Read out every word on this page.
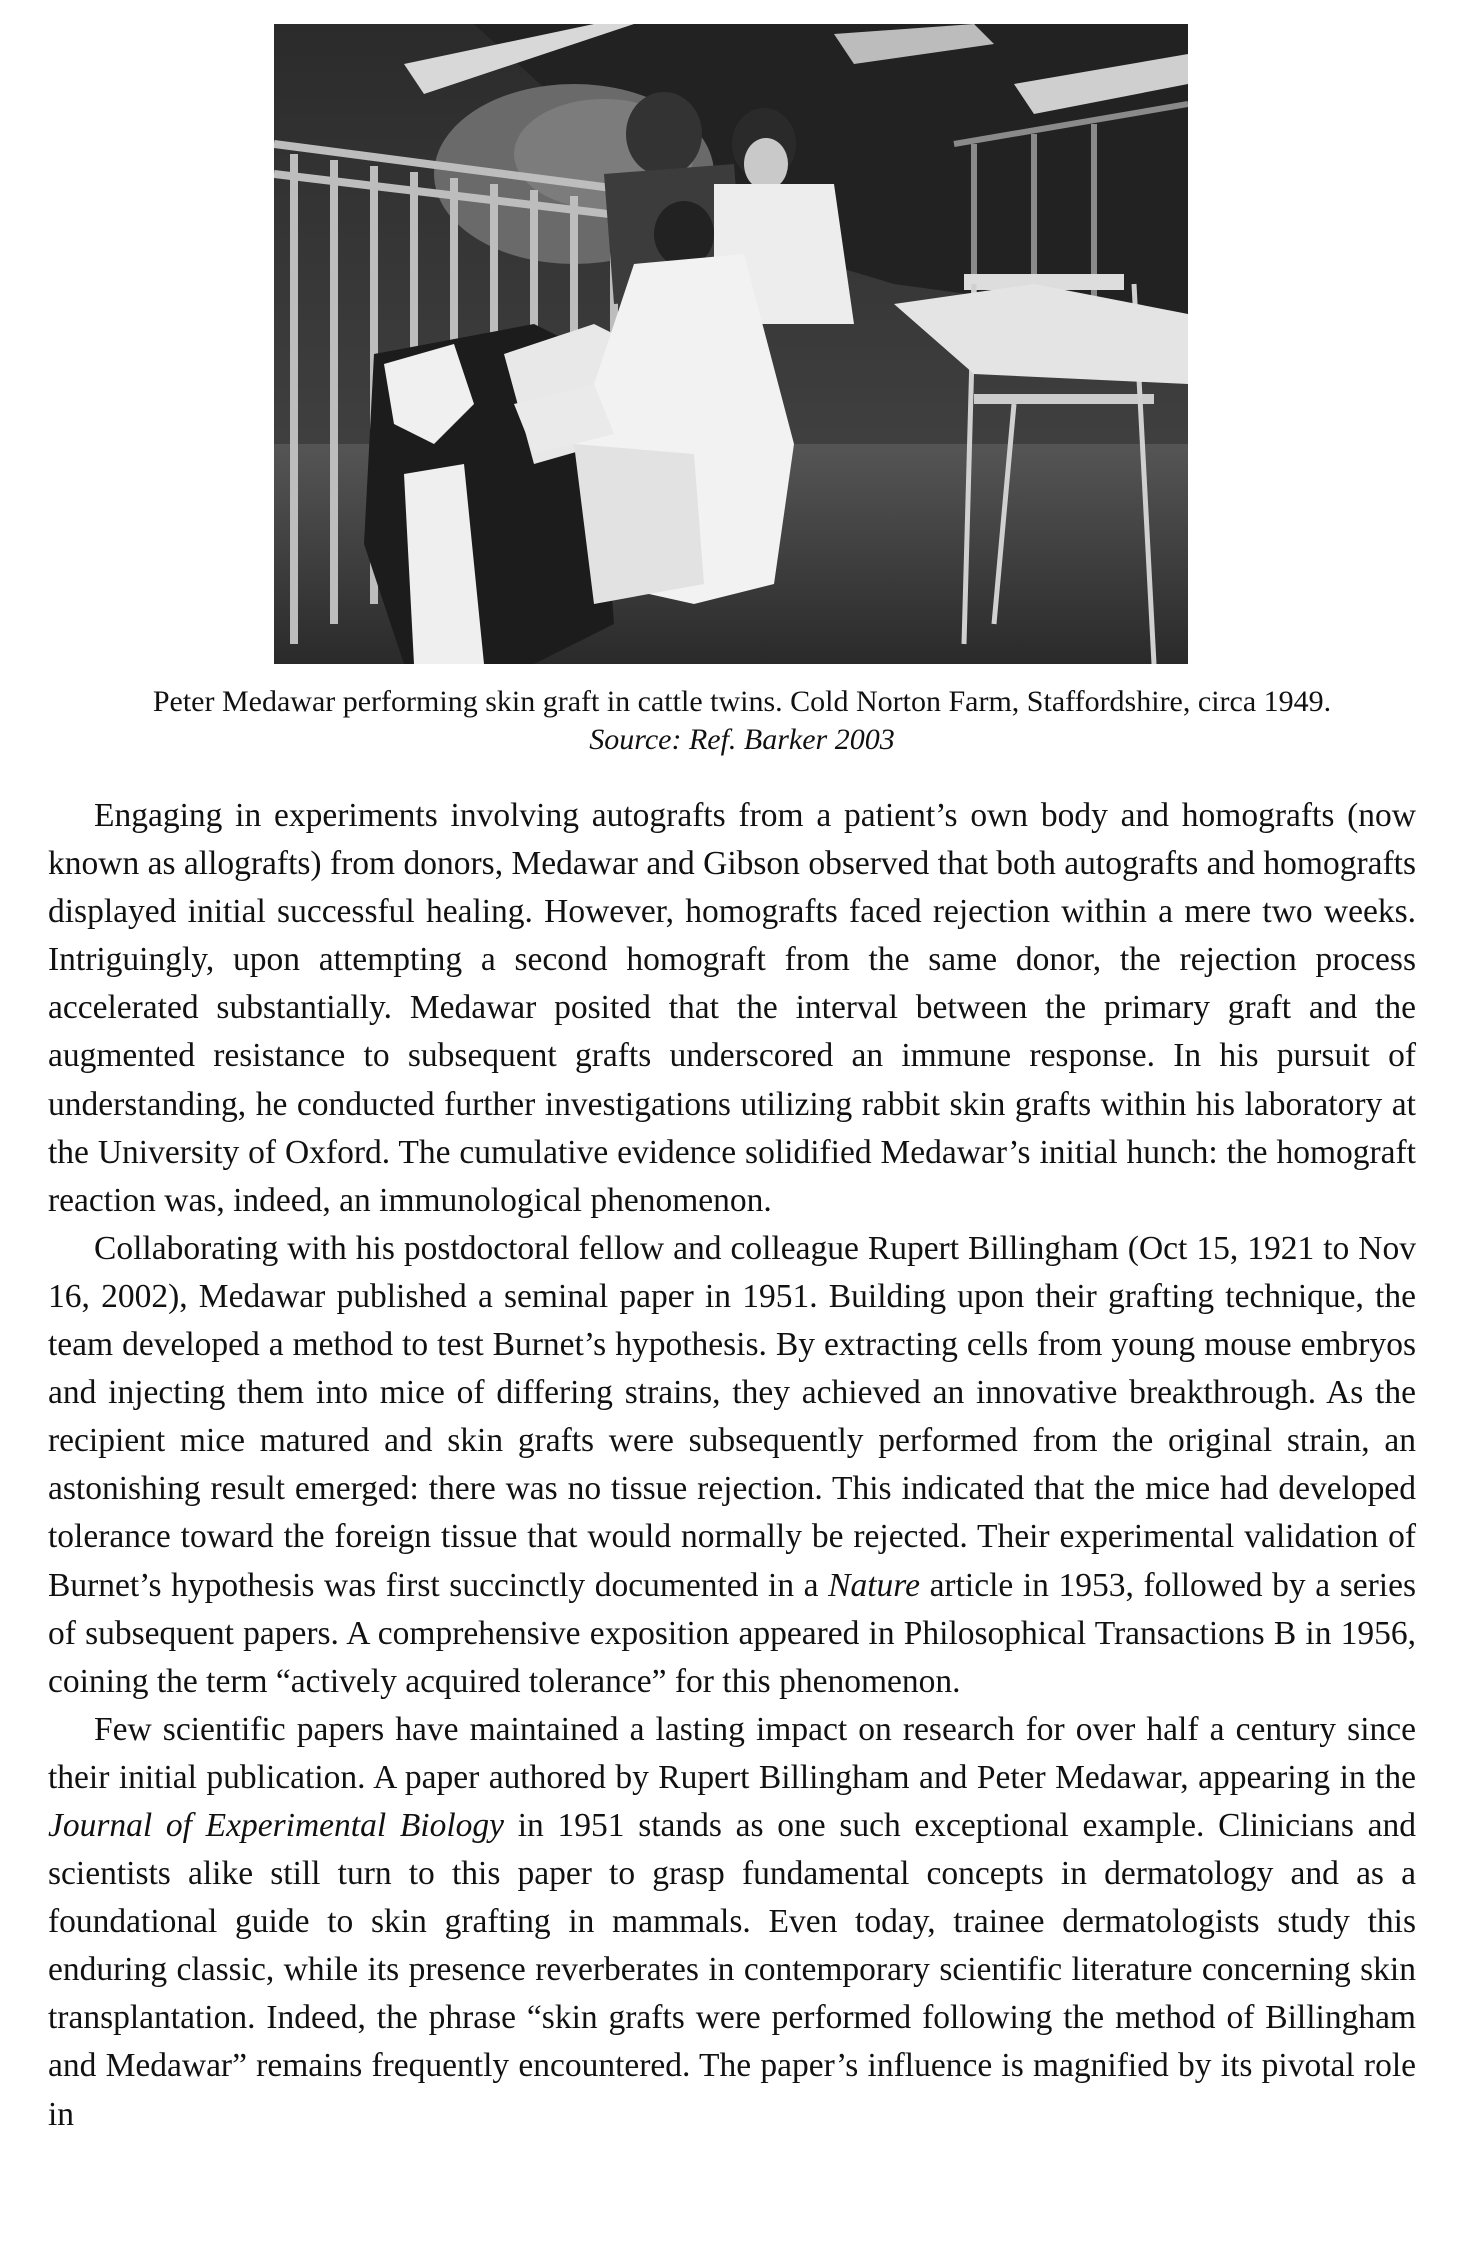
Peter Medawar performing skin graft in cattle twins. Cold Norton Farm, Staffordshire, circa 1949.
Source: Ref. Barker 2003

Engaging in experiments involving autografts from a patient’s own body and homografts (now known as allografts) from donors, Medawar and Gibson observed that both autografts and homografts displayed initial successful healing. However, homografts faced rejection within a mere two weeks. Intriguingly, upon attempting a second homograft from the same donor, the rejection process accelerated substantially. Medawar posited that the interval between the primary graft and the augmented resistance to subsequent grafts underscored an immune response. In his pursuit of understanding, he conducted further investigations utilizing rabbit skin grafts within his laboratory at the University of Oxford. The cumulative evidence solidified Medawar’s initial hunch: the homograft reaction was, indeed, an immunological phenomenon.

Collaborating with his postdoctoral fellow and colleague Rupert Billingham (Oct 15, 1921 to Nov 16, 2002), Medawar published a seminal paper in 1951. Building upon their grafting technique, the team developed a method to test Burnet’s hypothesis. By extracting cells from young mouse embryos and injecting them into mice of differing strains, they achieved an innovative breakthrough. As the recipient mice matured and skin grafts were subsequently performed from the original strain, an astonishing result emerged: there was no tissue rejection. This indicated that the mice had developed tolerance toward the foreign tissue that would normally be rejected. Their experimental validation of Burnet’s hypothesis was first succinctly documented in a Nature article in 1953, followed by a series of subsequent papers. A comprehensive exposition appeared in Philosophical Transactions B in 1956, coining the term “actively acquired tolerance” for this phenomenon.

Few scientific papers have maintained a lasting impact on research for over half a century since their initial publication. A paper authored by Rupert Billingham and Peter Medawar, appearing in the Journal of Experimental Biology in 1951 stands as one such exceptional example. Clinicians and scientists alike still turn to this paper to grasp fundamental concepts in dermatology and as a foundational guide to skin grafting in mammals. Even today, trainee dermatologists study this enduring classic, while its presence reverberates in contemporary scientific literature concerning skin transplantation. Indeed, the phrase “skin grafts were performed following the method of Billingham and Medawar” remains frequently encountered. The paper’s influence is magnified by its pivotal role in
